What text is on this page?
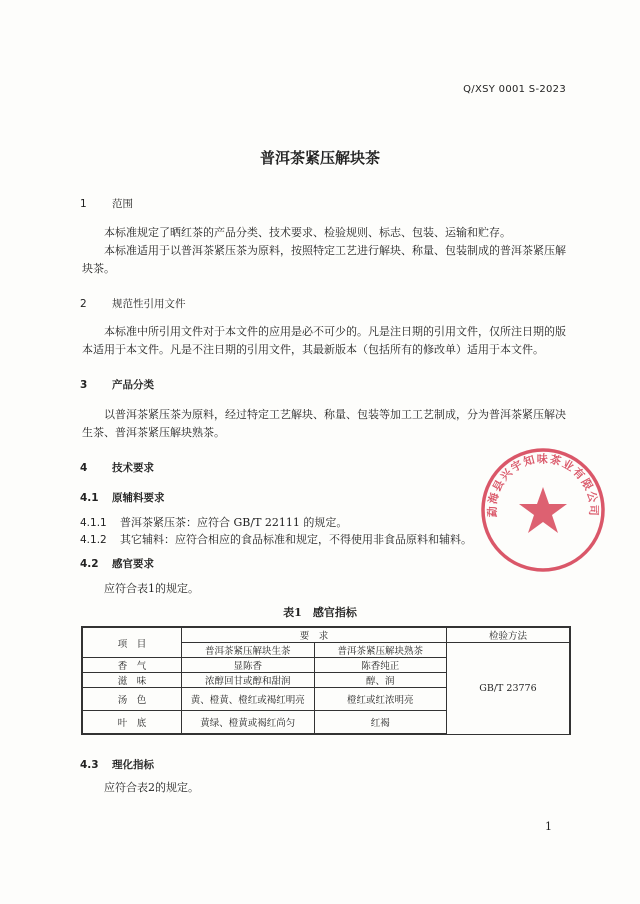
Q/XSY 0001 S-2023
普洱茶紧压解块茶
1 范围

本标准规定了晒红茶的产品分类、技术要求、检验规则、标志、包装、运输和贮存。

本标准适用于以普洱茶紧压茶为原料，按照特定工艺进行解块、称量、包装制成的普洱茶紧压解块茶。

2 规范性引用文件

本标准中所引用文件对于本文件的应用是必不可少的。凡是注日期的引用文件，仅所注日期的版本适用于本文件。凡是不注日期的引用文件，其最新版本（包括所有的修改单）适用于本文件。

3 产品分类

以普洱茶紧压茶为原料，经过特定工艺解块、称量、包装等加工工艺制成，分为普洱茶紧压解决生茶、普洱茶紧压解块熟茶。

4 技术要求
4.1 原辅料要求
4.1.1 普洱茶紧压茶：应符合 GB/T 22111 的规定。
4.1.2 其它辅料：应符合相应的食品标准和规定，不得使用非食品原料和辅料。
4.2 感官要求
应符合表1的规定。
表1　感官指标
项　目	要　求		检验方法
	普洱茶紧压解块生茶	普洱茶紧压解块熟茶	GB/T 23776
香　气	显陈香	陈香纯正	
滋　味	浓醇回甘或醇和甜润	醇、润	
汤　色	黄、橙黄、橙红或褐红明亮	橙红或红浓明亮	
叶　底	黄绿、橙黄或褐红尚匀	红褐	
4.3 理化指标
应符合表2的规定。
1
勐海县兴宇知味茶业有限公司
